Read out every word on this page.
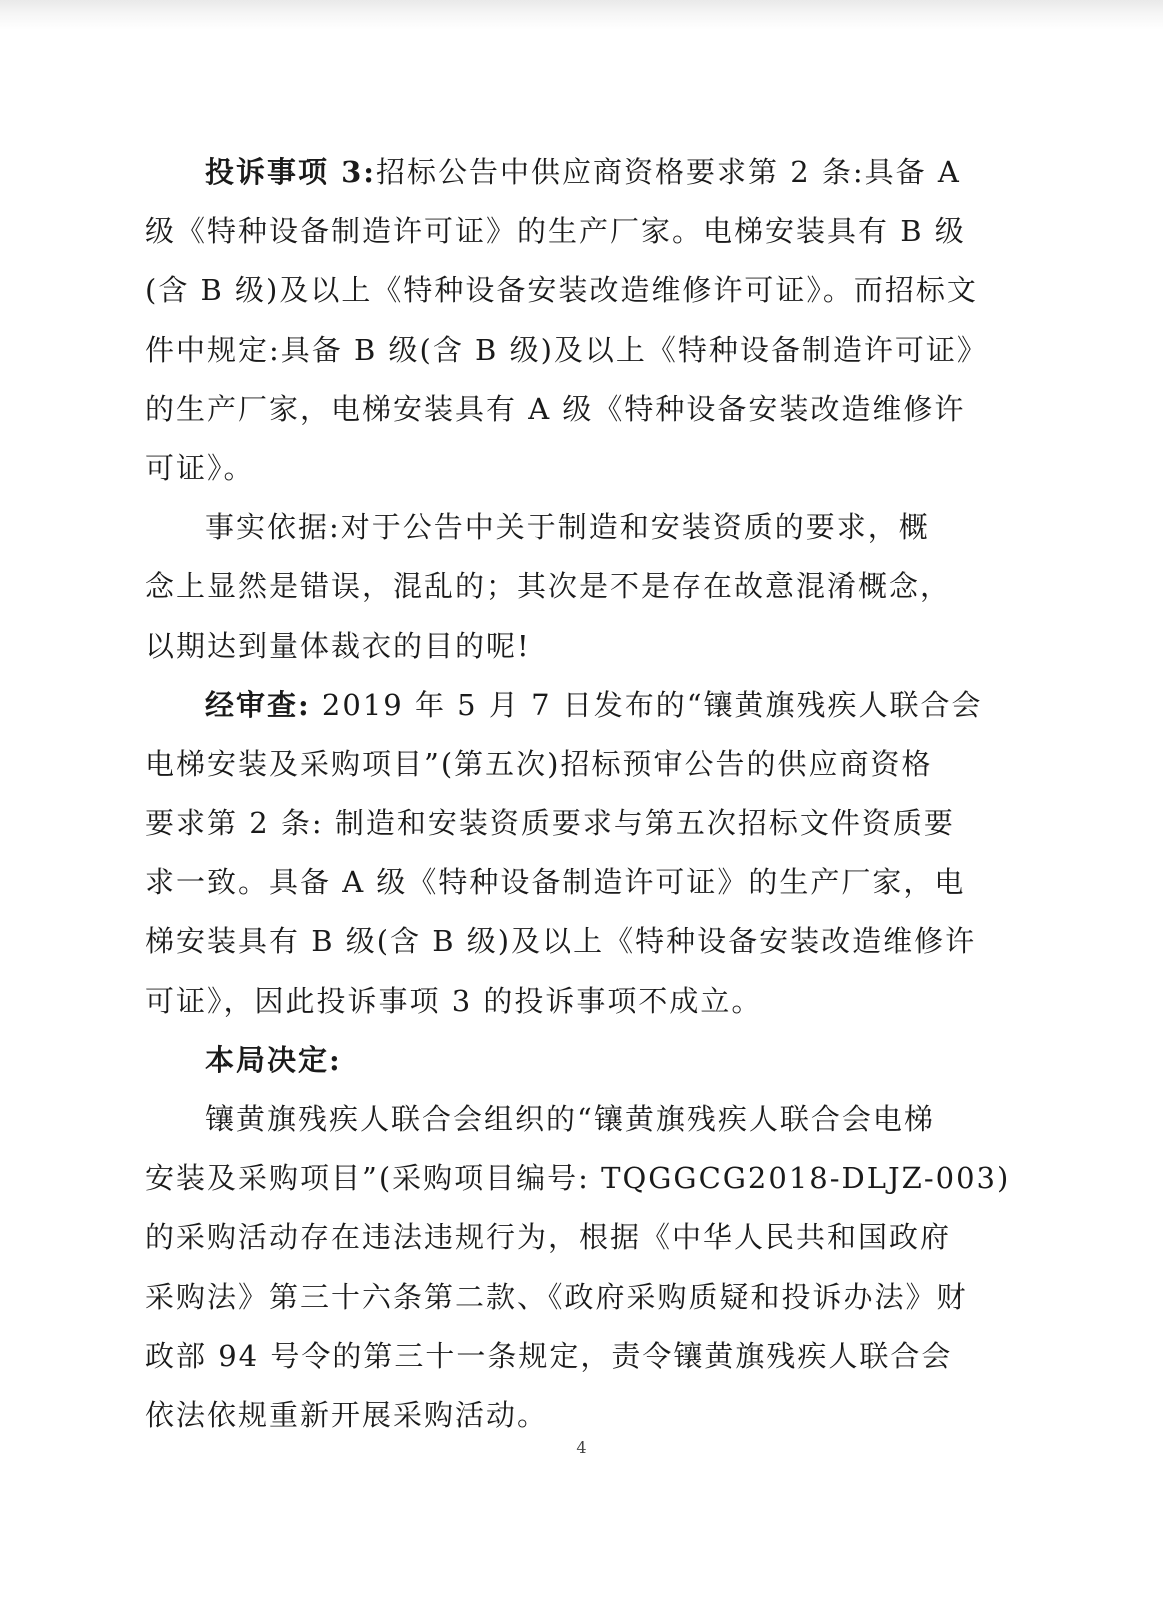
投诉事项 3:招标公告中供应商资格要求第 2 条:具备 A
级《特种设备制造许可证》的生产厂家。电梯安装具有 B 级
(含 B 级)及以上《特种设备安装改造维修许可证》。而招标文
件中规定:具备 B 级(含 B 级)及以上《特种设备制造许可证》
的生产厂家，电梯安装具有 A 级《特种设备安装改造维修许
可证》。
事实依据:对于公告中关于制造和安装资质的要求，概
念上显然是错误，混乱的；其次是不是存在故意混淆概念，
以期达到量体裁衣的目的呢!
经审查: 2019 年 5 月 7 日发布的“镶黄旗残疾人联合会
电梯安装及采购项目”(第五次)招标预审公告的供应商资格
要求第 2 条: 制造和安装资质要求与第五次招标文件资质要
求一致。具备 A 级《特种设备制造许可证》的生产厂家，电
梯安装具有 B 级(含 B 级)及以上《特种设备安装改造维修许
可证》，因此投诉事项 3 的投诉事项不成立。
本局决定:
镶黄旗残疾人联合会组织的“镶黄旗残疾人联合会电梯
安装及采购项目”(采购项目编号: TQGGCG2018-DLJZ-003)
的采购活动存在违法违规行为，根据《中华人民共和国政府
采购法》第三十六条第二款、《政府采购质疑和投诉办法》财
政部 94 号令的第三十一条规定，责令镶黄旗残疾人联合会
依法依规重新开展采购活动。
4
